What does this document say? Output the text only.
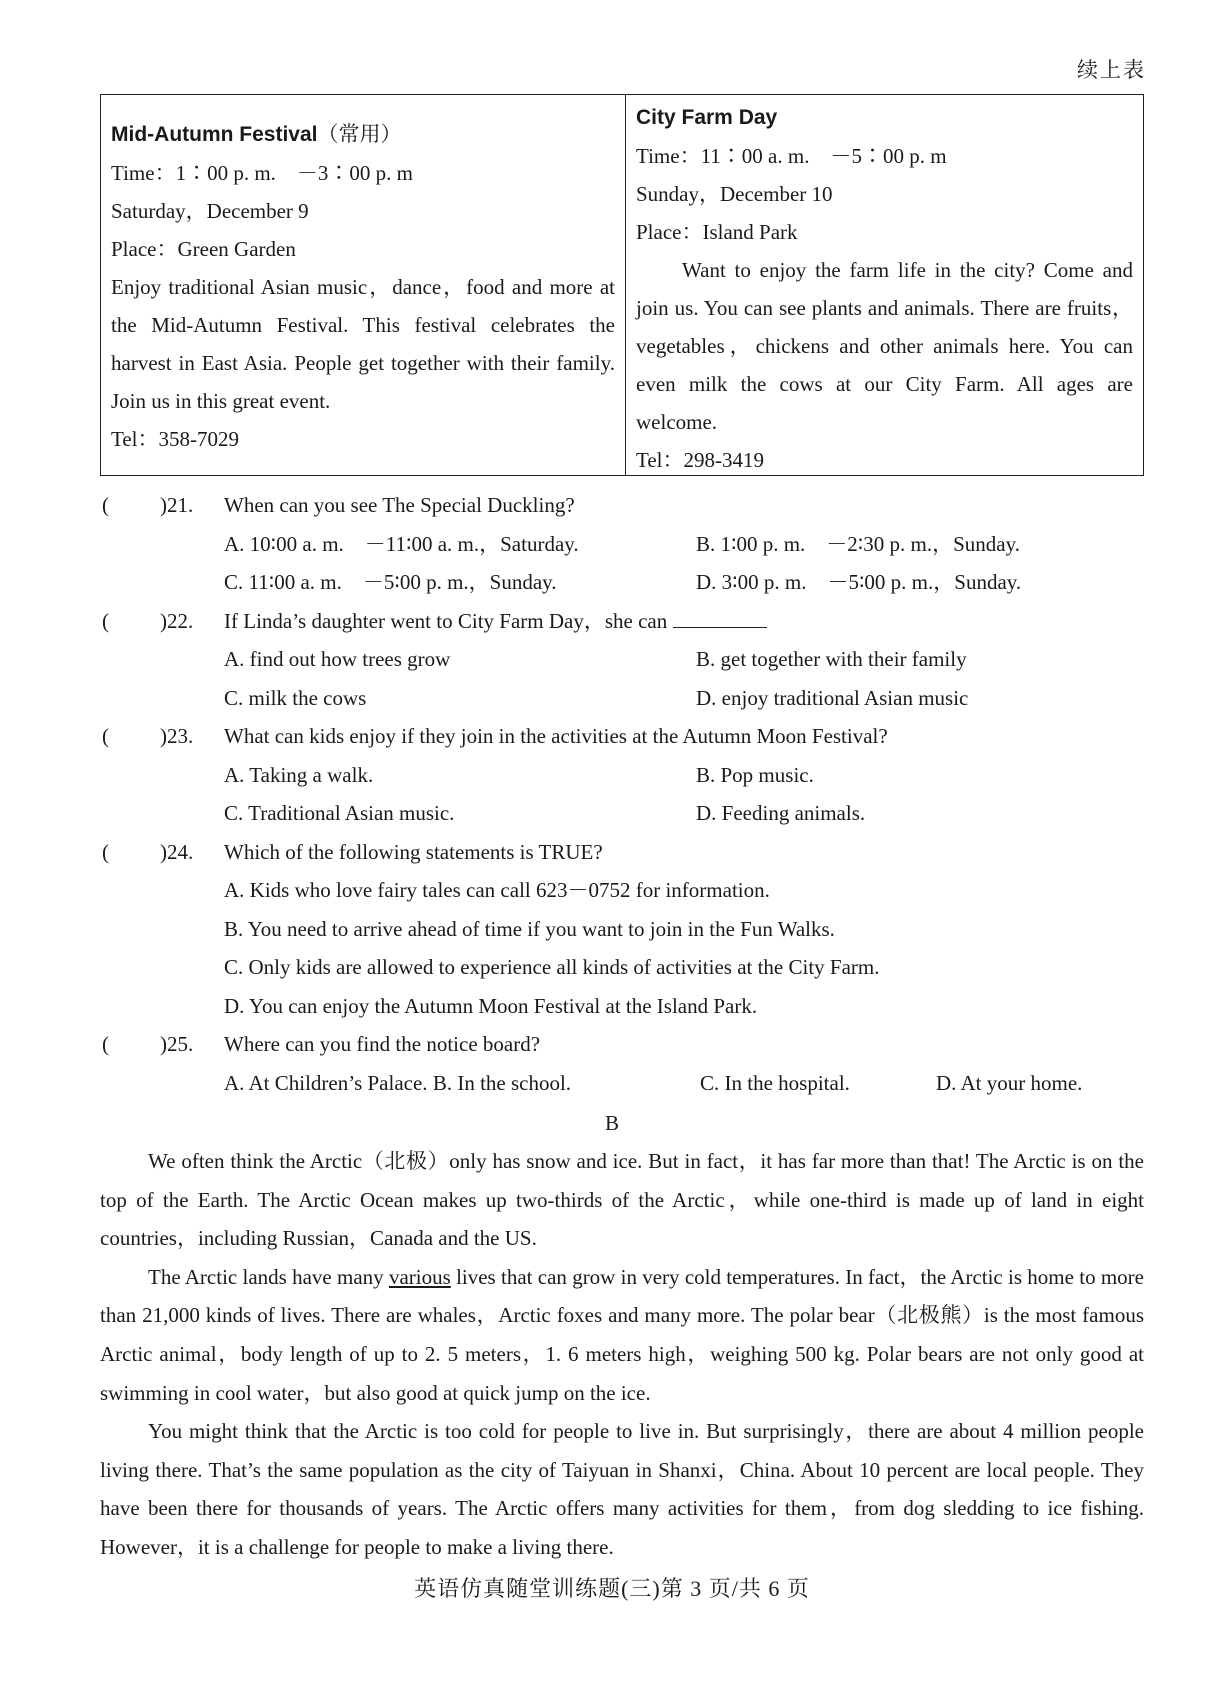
续上表
Mid-Autumn Festival（常用）
Time：1∶00 p. m.　－3∶00 p. m
Saturday，December 9
Place：Green Garden
Enjoy traditional Asian music，dance，food and more at the Mid-Autumn Festival. This festival celebrates the harvest in East Asia. People get together with their family. Join us in this great event.
Tel：358-7029
City Farm Day
Time：11∶00 a. m.　－5∶00 p. m
Sunday，December 10
Place：Island Park
Want to enjoy the farm life in the city? Come and join us. You can see plants and animals. There are fruits，vegetables，chickens and other animals here. You can even milk the cows at our City Farm. All ages are welcome.
Tel：298-3419
( )21. When can you see The Special Duckling?
A. 10∶00 a. m.　－11∶00 a. m.，Saturday.	B. 1∶00 p. m.　－2∶30 p. m.，Sunday.
C. 11∶00 a. m.　－5∶00 p. m.，Sunday.	D. 3∶00 p. m.　－5∶00 p. m.，Sunday.
( )22. If Linda’s daughter went to City Farm Day，she can
A. find out how trees grow	B. get together with their family
C. milk the cows	D. enjoy traditional Asian music
( )23. What can kids enjoy if they join in the activities at the Autumn Moon Festival?
A. Taking a walk.	B. Pop music.
C. Traditional Asian music.	D. Feeding animals.
( )24. Which of the following statements is TRUE?
A. Kids who love fairy tales can call 623－0752 for information.
B. You need to arrive ahead of time if you want to join in the Fun Walks.
C. Only kids are allowed to experience all kinds of activities at the City Farm.
D. You can enjoy the Autumn Moon Festival at the Island Park.
( )25. Where can you find the notice board?
A. At Children’s Palace. B. In the school.	C. In the hospital.	D. At your home.
B

We often think the Arctic（北极）only has snow and ice. But in fact，it has far more than that! The Arctic is on the top of the Earth. The Arctic Ocean makes up two-thirds of the Arctic，while one-third is made up of land in eight countries，including Russian，Canada and the US.

The Arctic lands have many various lives that can grow in very cold temperatures. In fact，the Arctic is home to more than 21,000 kinds of lives. There are whales，Arctic foxes and many more. The polar bear（北极熊）is the most famous Arctic animal，body length of up to 2. 5 meters，1. 6 meters high，weighing 500 kg. Polar bears are not only good at swimming in cool water，but also good at quick jump on the ice.

You might think that the Arctic is too cold for people to live in. But surprisingly，there are about 4 million people living there. That’s the same population as the city of Taiyuan in Shanxi，China. About 10 percent are local people. They have been there for thousands of years. The Arctic offers many activities for them，from dog sledding to ice fishing. However，it is a challenge for people to make a living there.

英语仿真随堂训练题(三)第 3 页/共 6 页
